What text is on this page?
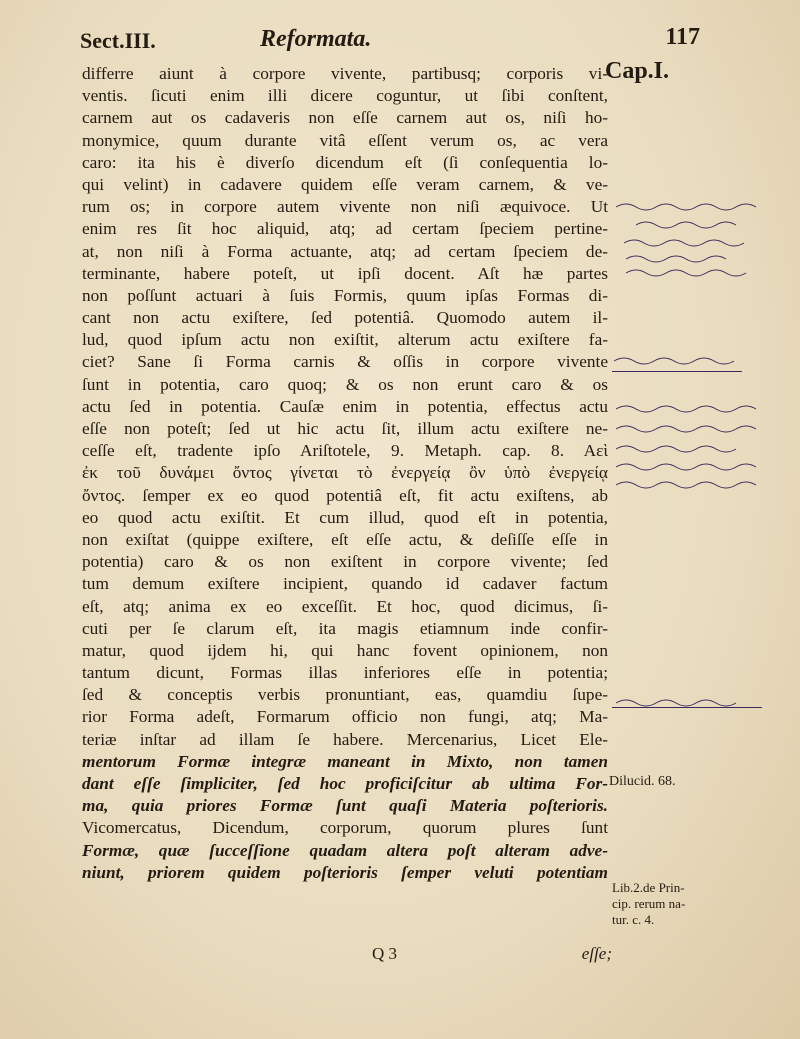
Sect.III.	Reformata.	117
Cap.I.
differre aiunt à corpore vivente, partibusq; corporis vi-
ventis. ſicuti enim illi dicere coguntur, ut ſibi conſtent,
carnem aut os cadaveris non eſſe carnem aut os, niſi ho-
monymice, quum durante vitâ eſſent verum os, ac vera
caro: ita his è diverſo dicendum eſt (ſi conſequentia lo-
qui velint) in cadavere quidem eſſe veram carnem, & ve-
rum os; in corpore autem vivente non niſi æquivoce. Ut
enim res ſit hoc aliquid, atq; ad certam ſpeciem pertine-
at, non niſi à Forma actuante, atq; ad certam ſpeciem de-
terminante, habere poteſt, ut ipſi docent. Aſt hæ partes
non poſſunt actuari à ſuis Formis, quum ipſas Formas di-
cant non actu exiſtere, ſed potentiâ. Quomodo autem il-
lud, quod ipſum actu non exiſtit, alterum actu exiſtere fa-
ciet? Sane ſi Forma carnis & oſſis in corpore vivente
ſunt in potentia, caro quoq; & os non erunt caro & os
actu ſed in potentia. Cauſæ enim in potentia, effectus actu
eſſe non poteſt; ſed ut hic actu ſit, illum actu exiſtere ne-
ceſſe eſt, tradente ipſo Ariſtotele, 9. Metaph. cap. 8. Aεὶ
ἐκ τοῦ δυνάμει ὄντος γίνεται τὸ ἐνεργείᾳ ὂν ὑπὸ ἐνεργείᾳ
ὄντος. ſemper ex eo quod potentiâ eſt, fit actu exiſtens, ab
eo quod actu exiſtit. Et cum illud, quod eſt in potentia,
non exiſtat (quippe exiſtere, eſt eſſe actu, & deſiſſe eſſe in
potentia) caro & os non exiſtent in corpore vivente; ſed
tum demum exiſtere incipient, quando id cadaver factum
eſt, atq; anima ex eo exceſſit. Et hoc, quod dicimus, ſi-
cuti per ſe clarum eſt, ita magis etiamnum inde confir-
matur, quod ijdem hi, qui hanc fovent opinionem, non
tantum dicunt, Formas illas inferiores eſſe in potentia;
ſed & conceptis verbis pronuntiant, eas, quamdiu ſupe-
rior Forma adeſt, Formarum officio non fungi, atq; Ma-
teriæ inſtar ad illam ſe habere. Mercenarius, Licet Ele-
mentorum Formæ integræ maneant in Mixto, non tamen
dant eſſe ſimpliciter, ſed hoc proficiſcitur ab ultima For-
ma, quia priores Formæ ſunt quaſi Materia poſterioris.
Vicomercatus, Dicendum, corporum, quorum plures ſunt
Formæ, quæ ſucceſſione quadam altera poſt alteram adve-
niunt, priorem quidem poſterioris ſemper veluti potentiam
Dilucid. 68.
Lib.2.de Prin-
cip. rerum na-
tur. c. 4.
Q 3	eſſe;
